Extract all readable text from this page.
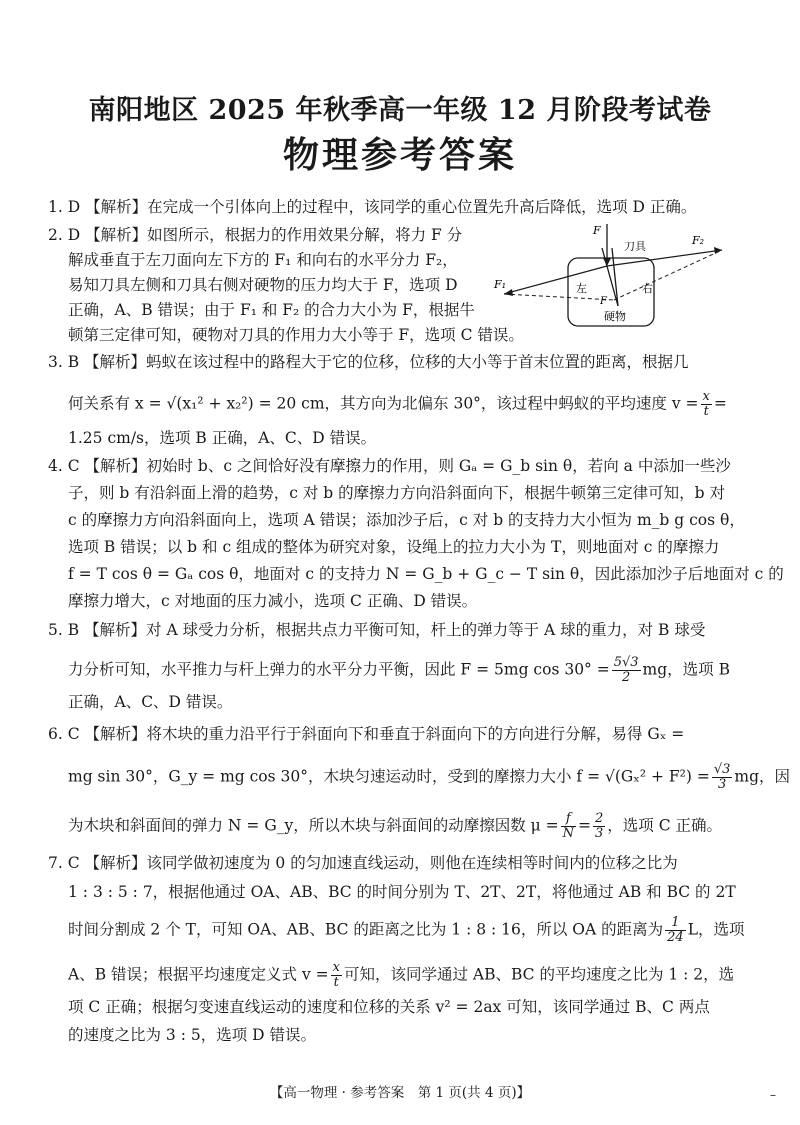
南阳地区 2025 年秋季高一年级 12 月阶段考试卷
物理参考答案
1. D 【解析】在完成一个引体向上的过程中，该同学的重心位置先升高后降低，选项 D 正确。
2. D 【解析】如图所示，根据力的作用效果分解，将力 F 分
解成垂直于左刀面向左下方的 F₁ 和向右的水平分力 F₂，
易知刀具左侧和刀具右侧对硬物的压力均大于 F，选项 D
正确，A、B 错误；由于 F₁ 和 F₂ 的合力大小为 F，根据牛
顿第三定律可知，硬物对刀具的作用力大小等于 F，选项 C 错误。
F
刀具	F₂
F₁	左	右
F
硬物
3. B 【解析】蚂蚁在该过程中的路程大于它的位移，位移的大小等于首末位置的距离，根据几
何关系有 x = √(x₁² + x₂²) = 20 cm，其方向为北偏东 30°，该过程中蚂蚁的平均速度 $v = \frac{x}{t}$ =
1.25 cm/s，选项 B 正确，A、C、D 错误。
4. C 【解析】初始时 b、c 之间恰好没有摩擦力的作用，则 Gₐ = G_b sin θ，若向 a 中添加一些沙
子，则 b 有沿斜面上滑的趋势，c 对 b 的摩擦力方向沿斜面向下，根据牛顿第三定律可知，b 对
c 的摩擦力方向沿斜面向上，选项 A 错误；添加沙子后，c 对 b 的支持力大小恒为 m_b g cos θ，
选项 B 错误；以 b 和 c 组成的整体为研究对象，设绳上的拉力大小为 T，则地面对 c 的摩擦力
f = T cos θ = Gₐ cos θ，地面对 c 的支持力 N = G_b + G_c − T sin θ，因此添加沙子后地面对 c 的
摩擦力增大，c 对地面的压力减小，选项 C 正确、D 错误。
5. B 【解析】对 A 球受力分析，根据共点力平衡可知，杆上的弹力等于 A 球的重力，对 B 球受
力分析可知，水平推力与杆上弹力的水平分力平衡，因此 F = 5mg $\cos 30^\circ = \frac{5√3}{2}$ mg，选项 B
正确，A、C、D 错误。
6. C 【解析】将木块的重力沿平行于斜面向下和垂直于斜面向下的方向进行分解，易得 Gₓ =
mg sin 30°，G_y = mg cos 30°，木块匀速运动时，受到的摩擦力大小 $f = √(G_x^2 + F^2) = \frac{√3}{3}$ mg，因
为木块和斜面间的弹力 N = G_y，所以木块与斜面间的动摩擦因数 $\mu = \frac{f}{N} = \frac{2}{3}$ ，选项 C 正确。
7. C 【解析】该同学做初速度为 0 的匀加速直线运动，则他在连续相等时间内的位移之比为
1 : 3 : 5 : 7，根据他通过 OA、AB、BC 的时间分别为 T、2T、2T，将他通过 AB 和 BC 的 2T
时间分割成 2 个 T，可知 OA、AB、BC 的距离之比为 1 : 8 : 16，所以 OA 的距离为 $\frac{1}{24}$ L，选项
A、B 错误；根据平均速度定义式 $v = \frac{x}{t}$ 可知，该同学通过 AB、BC 的平均速度之比为 1 : 2，选
项 C 正确；根据匀变速直线运动的速度和位移的关系 v² = 2ax 可知，该同学通过 B、C 两点
的速度之比为 3 : 5，选项 D 错误。
【高一物理 · 参考答案　第 1 页(共 4 页)】	–
